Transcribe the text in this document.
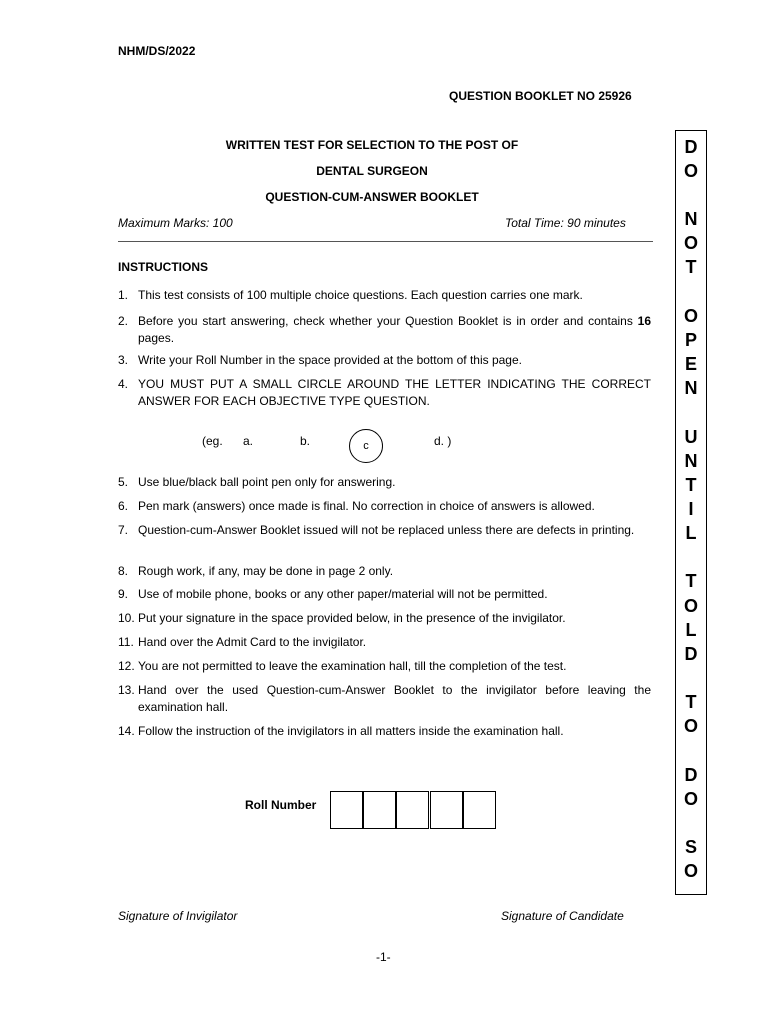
NHM/DS/2022
QUESTION BOOKLET NO 25926
WRITTEN TEST FOR SELECTION TO THE POST OF
DENTAL SURGEON
QUESTION-CUM-ANSWER BOOKLET
Maximum Marks: 100	Total Time: 90 minutes
INSTRUCTIONS
1. This test consists of 100 multiple choice questions. Each question carries one mark.
2. Before you start answering, check whether your Question Booklet is in order and contains 16 pages.
3. Write your Roll Number in the space provided at the bottom of this page.
4. YOU MUST PUT A SMALL CIRCLE AROUND THE LETTER INDICATING THE CORRECT ANSWER FOR EACH OBJECTIVE TYPE QUESTION.
(eg. a.	b.	c	d. )
5. Use blue/black ball point pen only for answering.
6. Pen mark (answers) once made is final. No correction in choice of answers is allowed.
7. Question-cum-Answer Booklet issued will not be replaced unless there are defects in printing.
8. Rough work, if any, may be done in page 2 only.
9. Use of mobile phone, books or any other paper/material will not be permitted.
10. Put your signature in the space provided below, in the presence of the invigilator.
11. Hand over the Admit Card to the invigilator.
12. You are not permitted to leave the examination hall, till the completion of the test.
13. Hand over the used Question-cum-Answer Booklet to the invigilator before leaving the examination hall.
14. Follow the instruction of the invigilators in all matters inside the examination hall.
D
O
N
O
T
O
P
E
N
U
N
T
I
L
T
O
L
D
T
O
D
O
S
O
Roll Number
Signature of Invigilator	Signature of Candidate
-1-
